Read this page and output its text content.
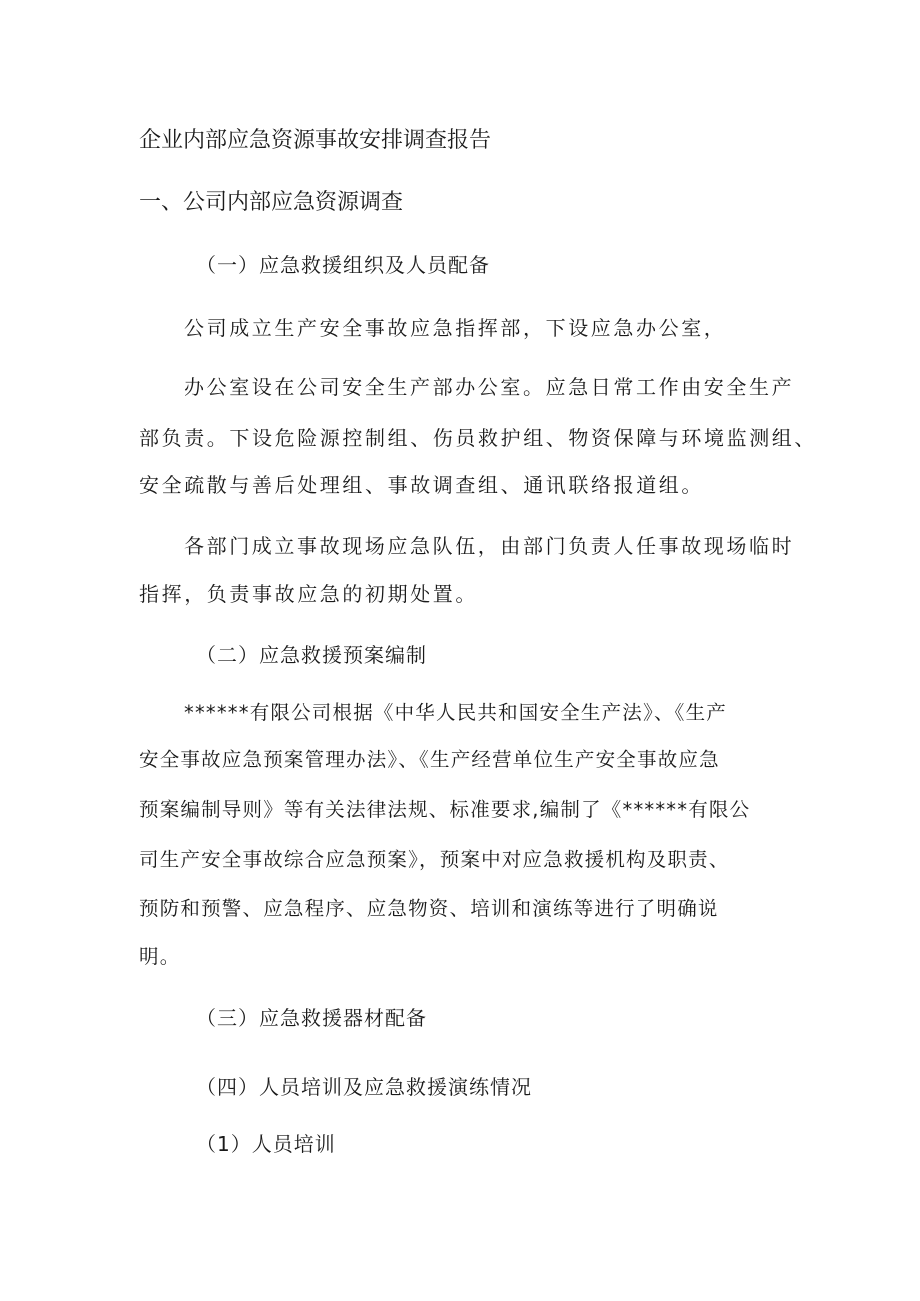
企业内部应急资源事故安排调查报告

一、公司内部应急资源调查

（一）应急救援组织及人员配备

公司成立生产安全事故应急指挥部，下设应急办公室，

办公室设在公司安全生产部办公室。应急日常工作由安全生产

部负责。下设危险源控制组、伤员救护组、物资保障与环境监测组、

安全疏散与善后处理组、事故调查组、通讯联络报道组。

各部门成立事故现场应急队伍，由部门负责人任事故现场临时

指挥，负责事故应急的初期处置。

（二）应急救援预案编制

******有限公司根据《中华人民共和国安全生产法》、《生产

安全事故应急预案管理办法》、《生产经营单位生产安全事故应急

预案编制导则》等有关法律法规、标准要求,编制了《******有限公

司生产安全事故综合应急预案》，预案中对应急救援机构及职责、

预防和预警、应急程序、应急物资、培训和演练等进行了明确说

明。

（三）应急救援器材配备

（四）人员培训及应急救援演练情况

（1）人员培训
